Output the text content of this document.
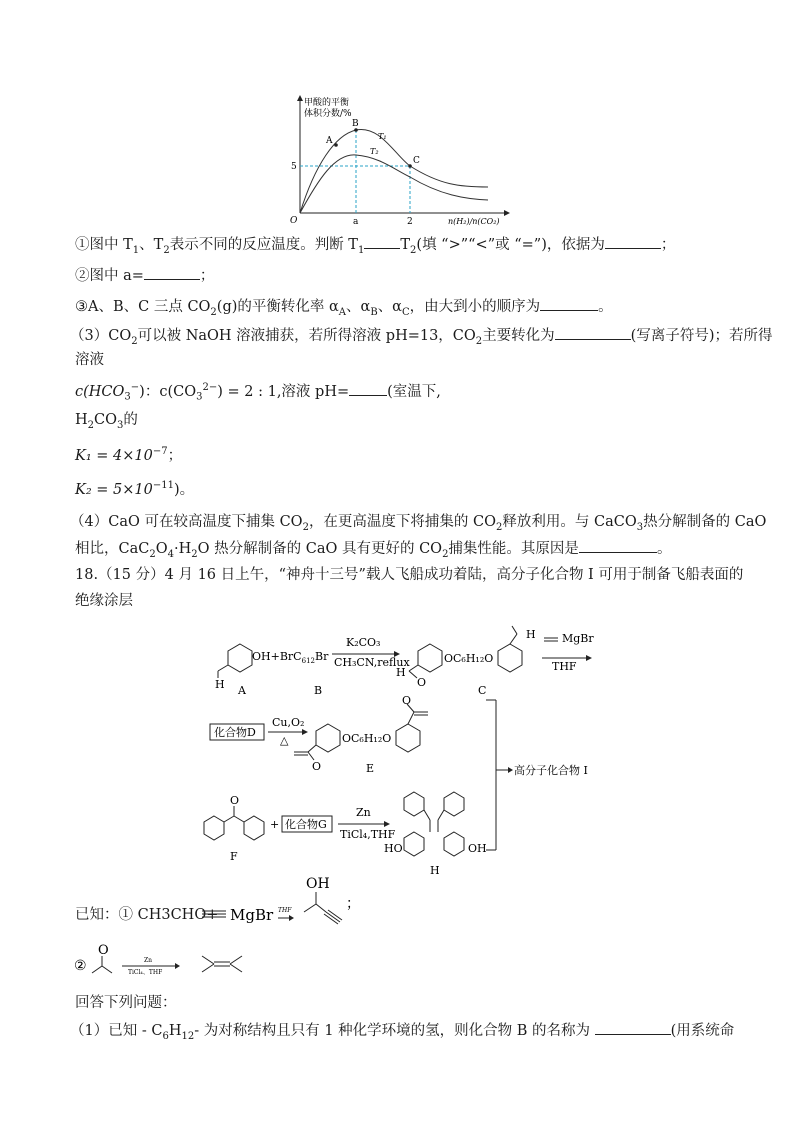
甲酸的平衡
体积分数/%
A
B
C
T₁
T₂
5
O	a	2	n(H₂)/n(CO₂)
①图中 $T_1$、$T_2$表示不同的反应温度。判断 $T_1$ $T_2$(填 “>”“<”或 “=”)，依据为	；
②图中 a=	；
③A、B、C 三点 $CO_2(g)$的平衡转化率 $\alpha_A$、$\alpha_B$、$\alpha_C$，由大到小的顺序为	。
$(3)CO_2$可以被 NaOH 溶液捕获，若所得溶液 pH=13，$CO_2$主要转化为	(写离子符号)；若所得
溶液
$c(HCO_3^-)$：$c(CO_3^{2-}) = 2$ : 1,溶液 pH=	(室温下,
$H_2CO_3$的
$K_1 = 4\times 10^{-7}$；
$K_2 = 5\times 10^{-11}$)。
（4）CaO 可在较高温度下捕集 $CO_2$，在更高温度下将捕集的 $CO_2$释放利用。与 CaCO$_3$热分解制备的 CaO
相比，$CaC_2O_4\cdot H_2O$ 热分解制备的 CaO 具有更好的 $CO_2$捕集性能。其原因是	。
18.（15 分）4 月 16 日上午，“神舟十三号”载人飞船成功着陆，高分子化合物 I 可用于制备飞船表面的
绝缘涂层
OH+BrC$_6$12Br
K₂CO₃
CH₃CN,reflux
H	O
H
OC₆H₁₂O
H MgBr
THF
A	B	C
化合物D
Cu,O₂
△	OC₆H₁₂O
O
O
E	高分子化合物 I
O
F
+ 化合物G
Zn
TiCl₄,THF
HO	OH
H
已知：① CH3CHO+ MgBr THF
OH
；
②
O
Zn
TiCl₄、THF
回答下列问题：
（1）已知 - $C_6H_{12}-$ 为对称结构且只有 1 种化学环境的氢，则化合物 B 的名称为	(用系统命
